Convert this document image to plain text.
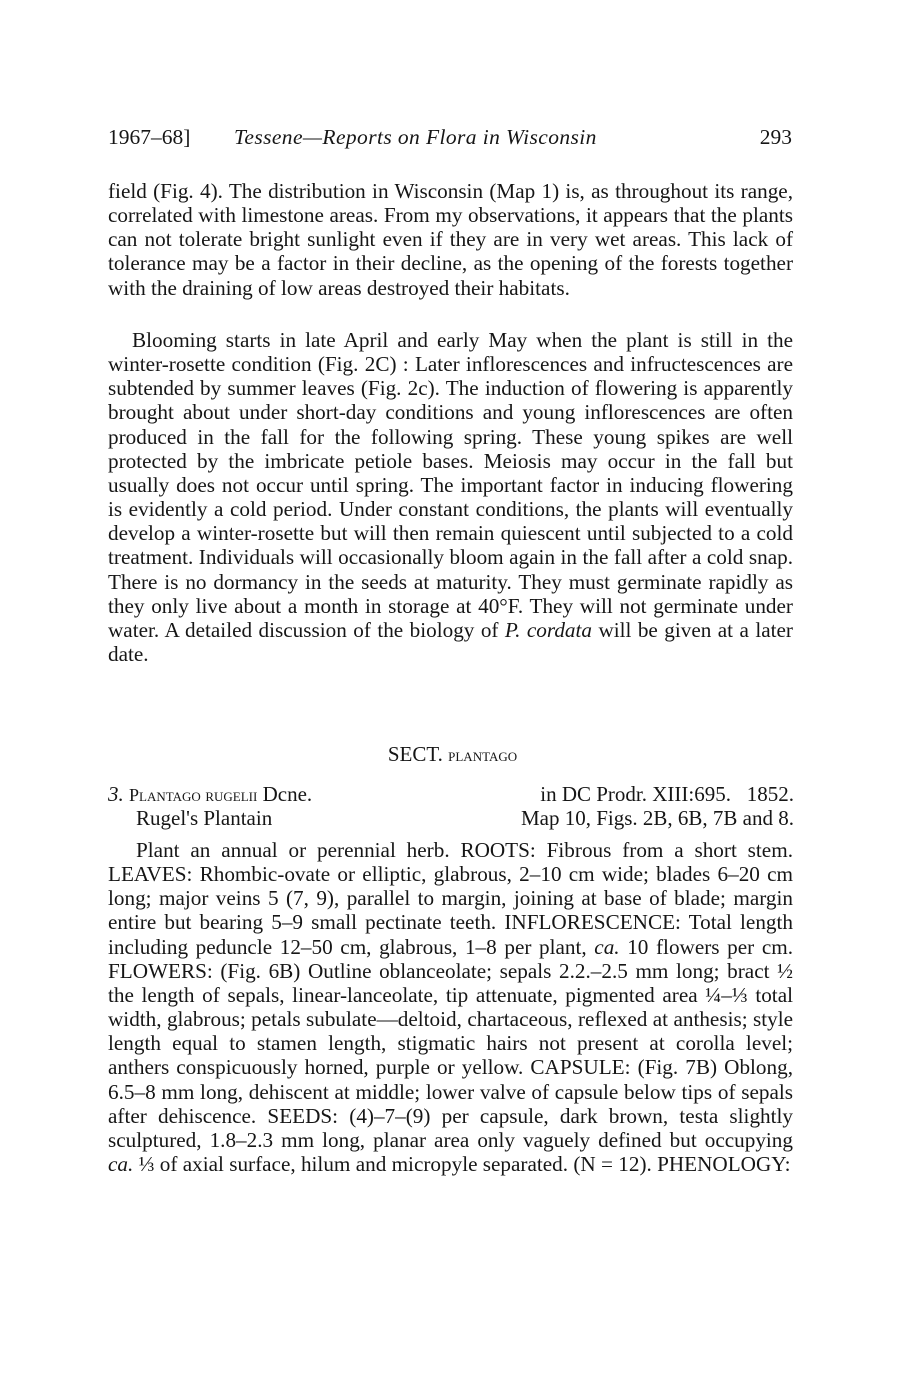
1967–68] Tessene—Reports on Flora in Wisconsin	293
field (Fig. 4). The distribution in Wisconsin (Map 1) is, as throughout its range, correlated with limestone areas. From my observations, it appears that the plants can not tolerate bright sunlight even if they are in very wet areas. This lack of tolerance may be a factor in their decline, as the opening of the forests together with the draining of low areas destroyed their habitats.
Blooming starts in late April and early May when the plant is still in the winter-rosette condition (Fig. 2C) : Later inflorescences and infructescences are subtended by summer leaves (Fig. 2c). The induction of flowering is apparently brought about under short-day conditions and young inflorescences are often produced in the fall for the following spring. These young spikes are well protected by the imbricate petiole bases. Meiosis may occur in the fall but usually does not occur until spring. The important factor in inducing flowering is evidently a cold period. Under constant conditions, the plants will eventually develop a winter-rosette but will then remain quiescent until subjected to a cold treatment. Individuals will occasionally bloom again in the fall after a cold snap. There is no dormancy in the seeds at maturity. They must germinate rapidly as they only live about a month in storage at 40°F. They will not germinate under water. A detailed discussion of the biology of P. cordata will be given at a later date.
SECT. plantago
3. Plantago rugelii Dcne.	in DC Prodr. XIII:695.   1852.
Rugel's Plantain	Map 10, Figs. 2B, 6B, 7B and 8.
Plant an annual or perennial herb. ROOTS: Fibrous from a short stem. LEAVES: Rhombic-ovate or elliptic, glabrous, 2–10 cm wide; blades 6–20 cm long; major veins 5 (7, 9), parallel to margin, joining at base of blade; margin entire but bearing 5–9 small pectinate teeth. INFLORESCENCE: Total length including peduncle 12–50 cm, glabrous, 1–8 per plant, ca. 10 flowers per cm. FLOWERS: (Fig. 6B) Outline oblanceolate; sepals 2.2.–2.5 mm long; bract ½ the length of sepals, linear-lanceolate, tip attenuate, pigmented area ¼–⅓ total width, glabrous; petals subulate—deltoid, chartaceous, reflexed at anthesis; style length equal to stamen length, stigmatic hairs not present at corolla level; anthers conspicuously horned, purple or yellow. CAPSULE: (Fig. 7B) Oblong, 6.5–8 mm long, dehiscent at middle; lower valve of capsule below tips of sepals after dehiscence. SEEDS: (4)–7–(9) per capsule, dark brown, testa slightly sculptured, 1.8–2.3 mm long, planar area only vaguely defined but occupying ca. ⅓ of axial surface, hilum and micropyle separated. (N = 12). PHENOLOGY:
